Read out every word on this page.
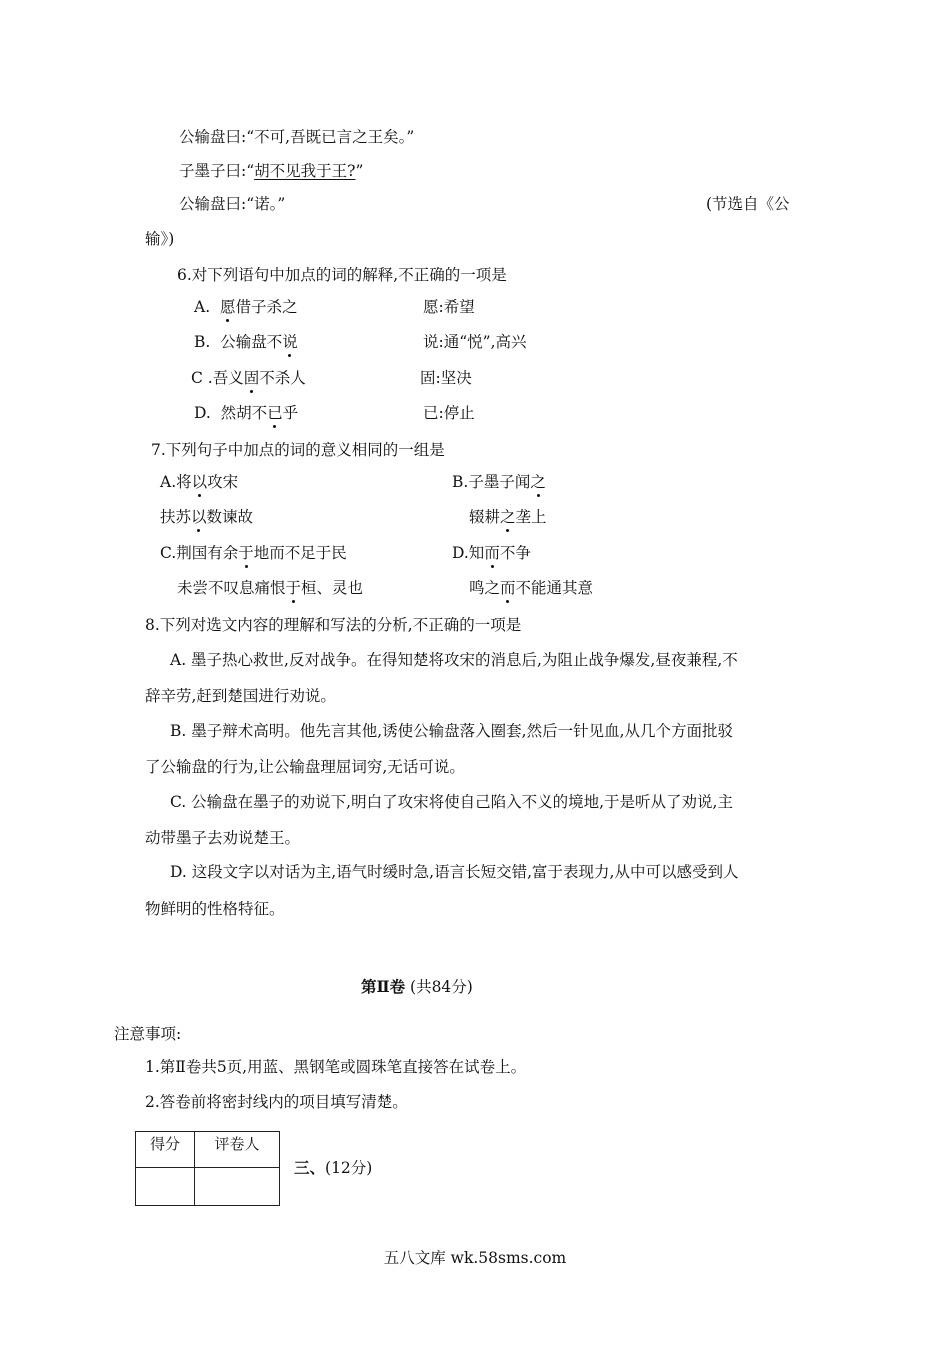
公输盘曰:“不可,吾既已言之王矣。”
子墨子曰:“胡不见我于王?”
公输盘曰:“诺。”	(节选自《公
输》)
6.对下列语句中加点的词的解释,不正确的一项是
A. 愿借子杀之	愿:希望
B. 公输盘不说	说:通“悦”,高兴
C .吾义固不杀人	固:坚决
D. 然胡不已乎	已:停止
7.下列句子中加点的词的意义相同的一组是
A.将以攻宋	B.子墨子闻之
扶苏以数谏故	辍耕之垄上
C.荆国有余于地而不足于民	D.知而不争
未尝不叹息痛恨于桓、灵也	鸣之而不能通其意
8.下列对选文内容的理解和写法的分析,不正确的一项是
A. 墨子热心救世,反对战争。在得知楚将攻宋的消息后,为阻止战争爆发,昼夜兼程,不
辞辛劳,赶到楚国进行劝说。
B. 墨子辩术高明。他先言其他,诱使公输盘落入圈套,然后一针见血,从几个方面批驳
了公输盘的行为,让公输盘理屈词穷,无话可说。
C. 公输盘在墨子的劝说下,明白了攻宋将使自己陷入不义的境地,于是听从了劝说,主
动带墨子去劝说楚王。
D. 这段文字以对话为主,语气时缓时急,语言长短交错,富于表现力,从中可以感受到人
物鲜明的性格特征。
第Ⅱ卷 (共84分)
注意事项:
1.第Ⅱ卷共5页,用蓝、黑钢笔或圆珠笔直接答在试卷上。
2.答卷前将密封线内的项目填写清楚。
得分	评卷人

三、(12分)
五八文库 wk.58sms.com
